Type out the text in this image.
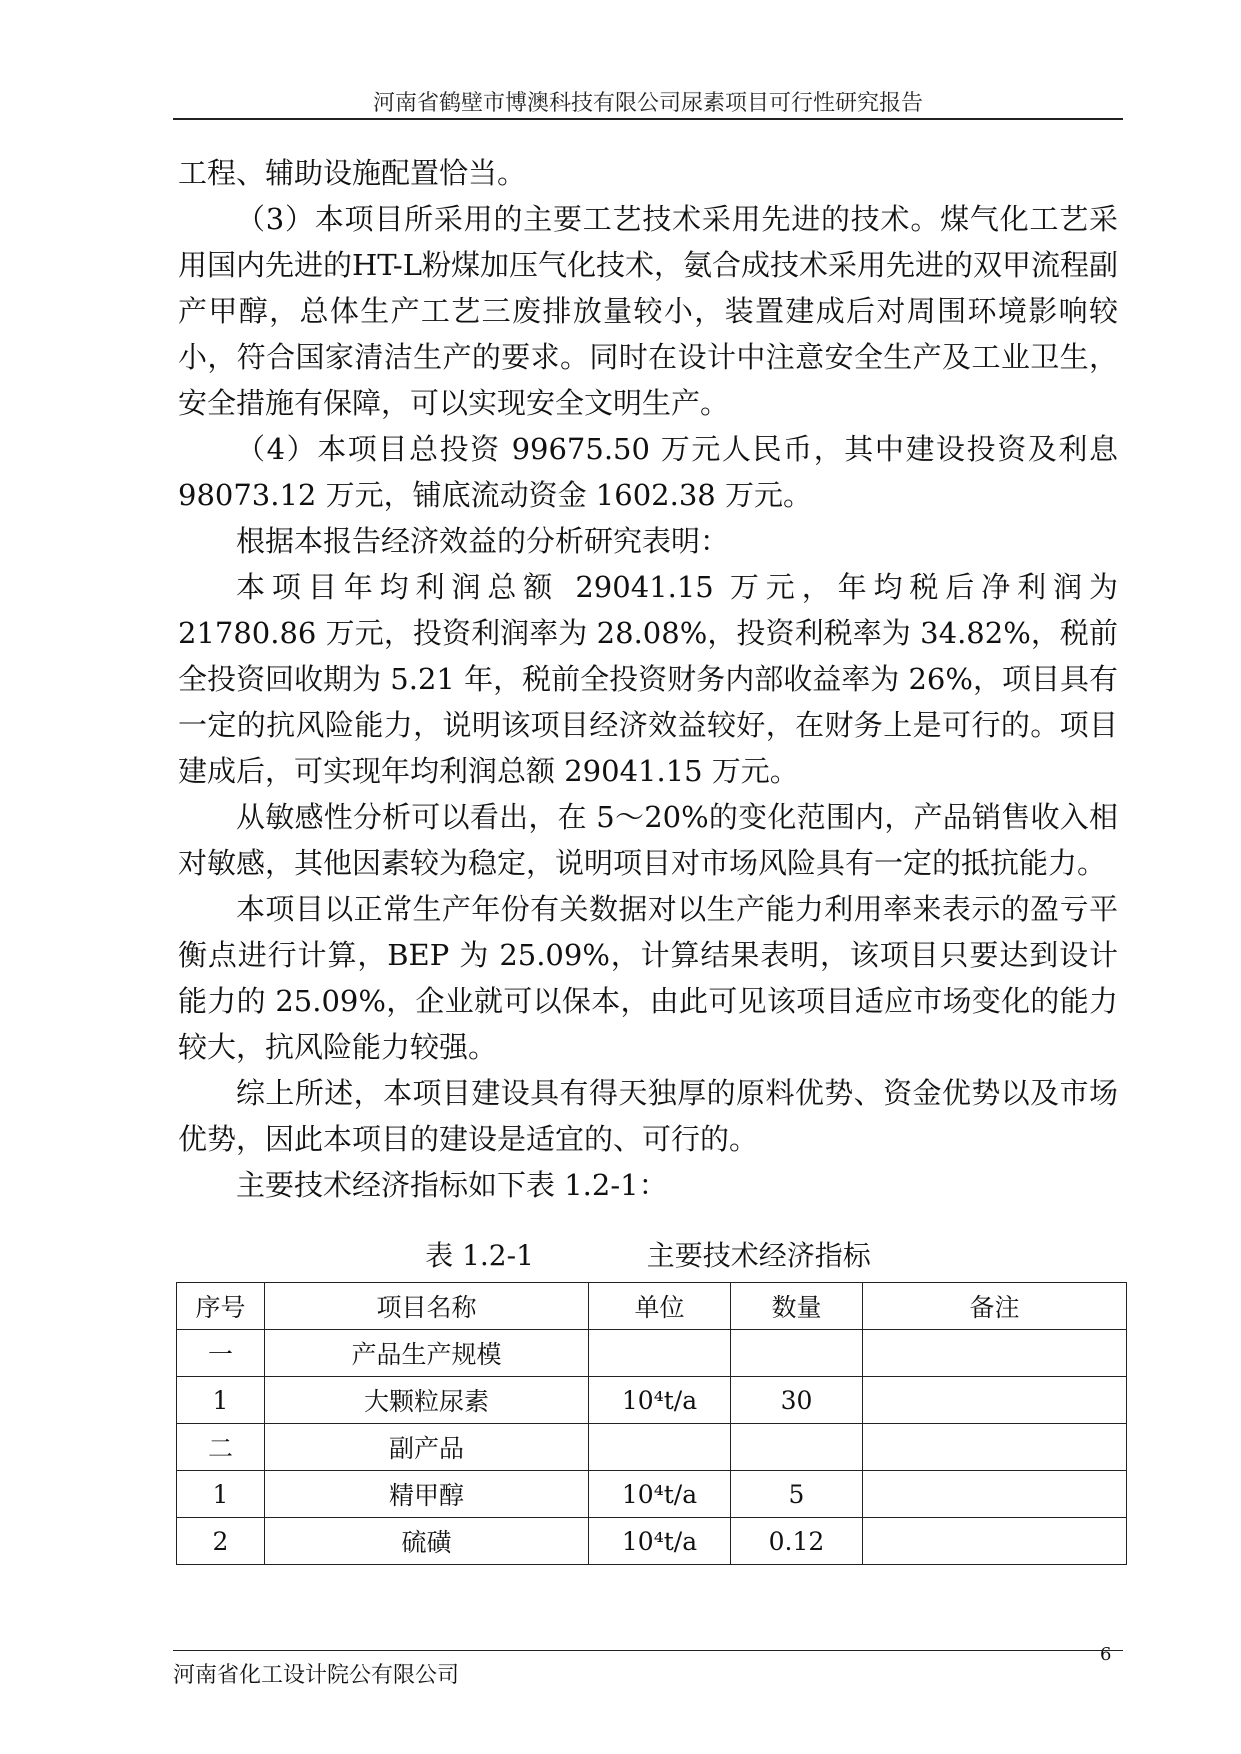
河南省鹤壁市博澳科技有限公司尿素项目可行性研究报告

工程、辅助设施配置恰当。

（3）本项目所采用的主要工艺技术采用先进的技术。煤气化工艺采用国内先进的HT-L粉煤加压气化技术，氨合成技术采用先进的双甲流程副产甲醇，总体生产工艺三废排放量较小，装置建成后对周围环境影响较小，符合国家清洁生产的要求。同时在设计中注意安全生产及工业卫生，安全措施有保障，可以实现安全文明生产。

（4）本项目总投资 99675.50 万元人民币，其中建设投资及利息 98073.12 万元，铺底流动资金 1602.38 万元。

根据本报告经济效益的分析研究表明：

本项目年均利润总额 29041.15 万元，年均税后净利润为 21780.86 万元，投资利润率为 28.08%，投资利税率为 34.82%，税前全投资回收期为 5.21 年，税前全投资财务内部收益率为 26%，项目具有一定的抗风险能力，说明该项目经济效益较好，在财务上是可行的。项目建成后，可实现年均利润总额 29041.15 万元。

从敏感性分析可以看出，在 5～20%的变化范围内，产品销售收入相对敏感，其他因素较为稳定，说明项目对市场风险具有一定的抵抗能力。

本项目以正常生产年份有关数据对以生产能力利用率来表示的盈亏平衡点进行计算，BEP 为 25.09%，计算结果表明，该项目只要达到设计能力的 25.09%，企业就可以保本，由此可见该项目适应市场变化的能力较大，抗风险能力较强。

综上所述，本项目建设具有得天独厚的原料优势、资金优势以及市场优势，因此本项目的建设是适宜的、可行的。

主要技术经济指标如下表 1.2-1：

表 1.2-1	主要技术经济指标
序号	项目名称	单位	数量	备注
一	产品生产规模			
1	大颗粒尿素	10⁴t/a	30	
二	副产品			
1	精甲醇	10⁴t/a	5	
2	硫磺	10⁴t/a	0.12	
河南省化工设计院公有限公司
6
